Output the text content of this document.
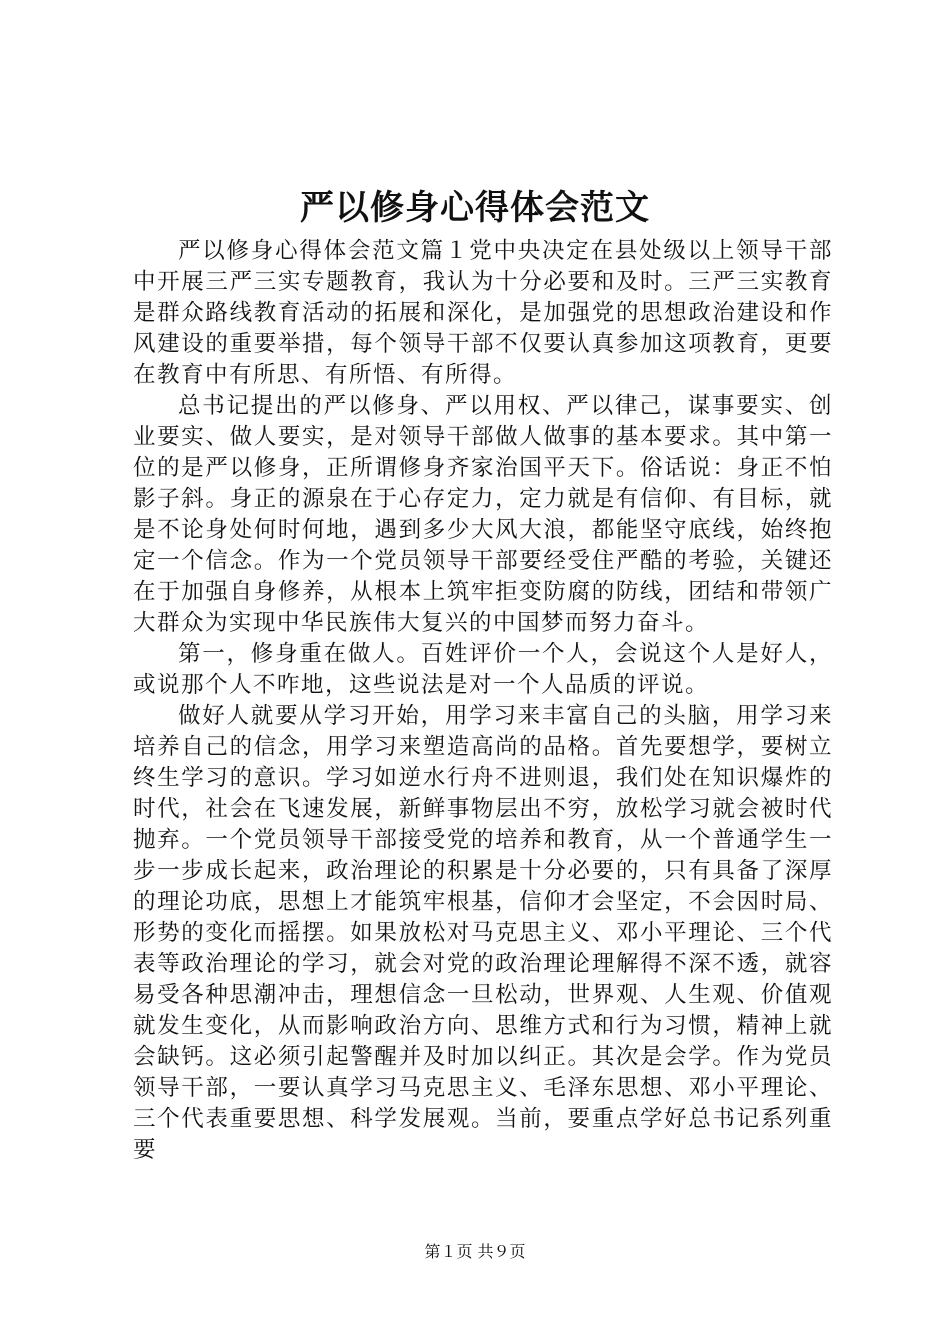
严以修身心得体会范文

严以修身心得体会范文篇１党中央决定在县处级以上领导干部中开展三严三实专题教育，我认为十分必要和及时。三严三实教育是群众路线教育活动的拓展和深化，是加强党的思想政治建设和作风建设的重要举措，每个领导干部不仅要认真参加这项教育，更要在教育中有所思、有所悟、有所得。

总书记提出的严以修身、严以用权、严以律己，谋事要实、创业要实、做人要实，是对领导干部做人做事的基本要求。其中第一位的是严以修身，正所谓修身齐家治国平天下。俗话说：身正不怕影子斜。身正的源泉在于心存定力，定力就是有信仰、有目标，就是不论身处何时何地，遇到多少大风大浪，都能坚守底线，始终抱定一个信念。作为一个党员领导干部要经受住严酷的考验，关键还在于加强自身修养，从根本上筑牢拒变防腐的防线，团结和带领广大群众为实现中华民族伟大复兴的中国梦而努力奋斗。

第一，修身重在做人。百姓评价一个人，会说这个人是好人，或说那个人不咋地，这些说法是对一个人品质的评说。

做好人就要从学习开始，用学习来丰富自己的头脑，用学习来培养自己的信念，用学习来塑造高尚的品格。首先要想学，要树立终生学习的意识。学习如逆水行舟不进则退，我们处在知识爆炸的时代，社会在飞速发展，新鲜事物层出不穷，放松学习就会被时代抛弃。一个党员领导干部接受党的培养和教育，从一个普通学生一步一步成长起来，政治理论的积累是十分必要的，只有具备了深厚的理论功底，思想上才能筑牢根基，信仰才会坚定，不会因时局、形势的变化而摇摆。如果放松对马克思主义、邓小平理论、三个代表等政治理论的学习，就会对党的政治理论理解得不深不透，就容易受各种思潮冲击，理想信念一旦松动，世界观、人生观、价值观就发生变化，从而影响政治方向、思维方式和行为习惯，精神上就会缺钙。这必须引起警醒并及时加以纠正。其次是会学。作为党员领导干部，一要认真学习马克思主义、毛泽东思想、邓小平理论、三个代表重要思想、科学发展观。当前，要重点学好总书记系列重要

第１页 共９页
